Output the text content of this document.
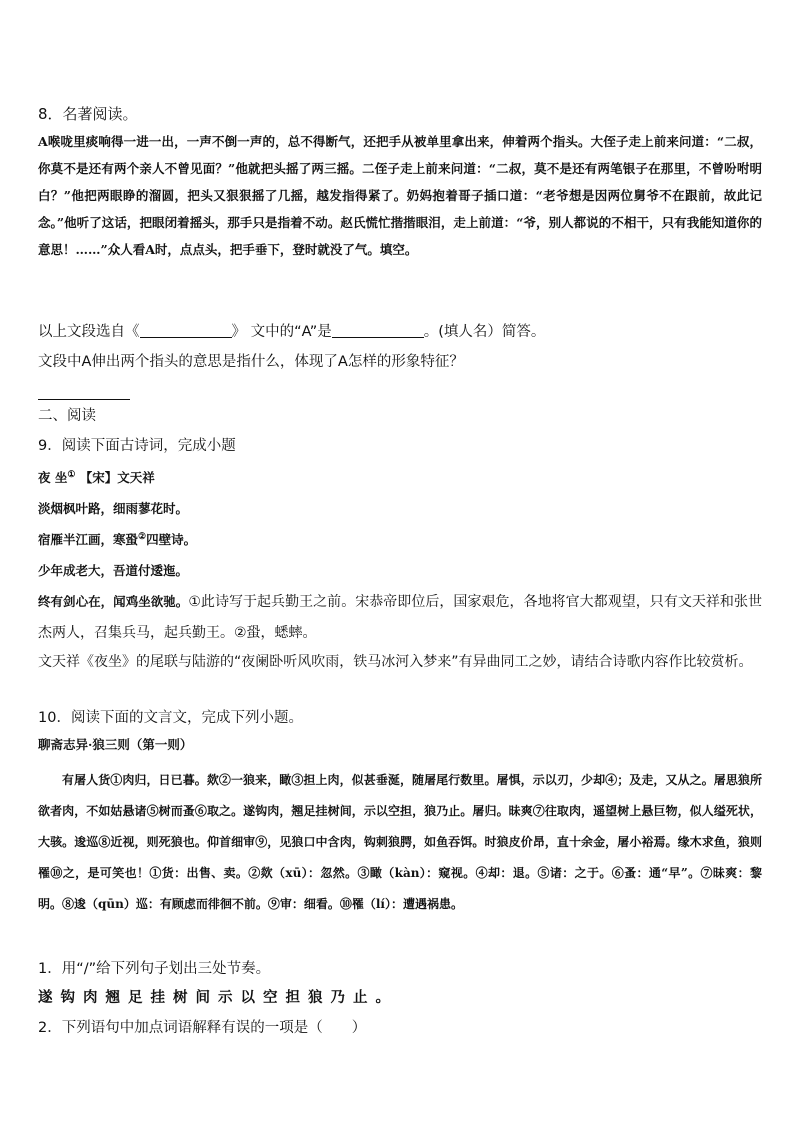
8．名著阅读。

A喉咙里痰响得一进一出，一声不倒一声的，总不得断气，还把手从被单里拿出来，伸着两个指头。大侄子走上前来问道：“二叔，你莫不是还有两个亲人不曾见面？”他就把头摇了两三摇。二侄子走上前来问道：“二叔，莫不是还有两笔银子在那里，不曾吩咐明白？”他把两眼睁的溜圆，把头又狠狠摇了几摇，越发指得紧了。奶妈抱着哥子插口道：“老爷想是因两位舅爷不在跟前，故此记念。”他听了这话，把眼闭着摇头，那手只是指着不动。赵氏慌忙揩揩眼泪，走上前道：“爷，别人都说的不相干，只有我能知道你的意思！……”众人看A时，点点头，把手垂下，登时就没了气。填空。

以上文段选自《	》 文中的“A”是	。(填人名）简答。

文段中A伸出两个指头的意思是指什么，体现了A怎样的形象特征？

二、阅读

9．阅读下面古诗词，完成小题

夜 坐① 【宋】文天祥
淡烟枫叶路，细雨蓼花时。
宿雁半江画，寒蛩②四壁诗。
少年成老大，吾道付逶迤。

终有剑心在，闻鸡坐欲驰。①此诗写于起兵勤王之前。宋恭帝即位后，国家艰危，各地将官大都观望，只有文天祥和张世杰两人，召集兵马，起兵勤王。②蛩，蟋蟀。

文天祥《夜坐》的尾联与陆游的“夜阑卧听风吹雨，铁马冰河入梦来”有异曲同工之妙，请结合诗歌内容作比较赏析。

10．阅读下面的文言文，完成下列小题。

聊斋志异·狼三则（第一则）

有屠人货①肉归，日已暮。欻②一狼来，瞰③担上肉，似甚垂涎，随屠尾行数里。屠惧，示以刃，少却④；及走，又从之。屠思狼所欲者肉，不如姑悬诸⑤树而蚤⑥取之。遂钩肉，翘足挂树间，示以空担，狼乃止。屠归。昧爽⑦往取肉，遥望树上悬巨物，似人缢死状，大骇。逡巡⑧近视，则死狼也。仰首细审⑨，见狼口中含肉，钩刺狼腭，如鱼吞饵。时狼皮价昂，直十余金，屠小裕焉。缘木求鱼，狼则罹⑩之，是可笑也！①货：出售、卖。②欻（xū）：忽然。③瞰（kàn）：窥视。④却：退。⑤诸：之于。⑥蚤：通“早”。⑦昧爽：黎明。⑧逡（qūn）巡：有顾虑而徘徊不前。⑨审：细看。⑩罹（lí）：遭遇祸患。

1．用“/”给下列句子划出三处节奏。

遂钩肉翘足挂树间示以空担狼乃止。

2．下列语句中加点词语解释有误的一项是（　　）
